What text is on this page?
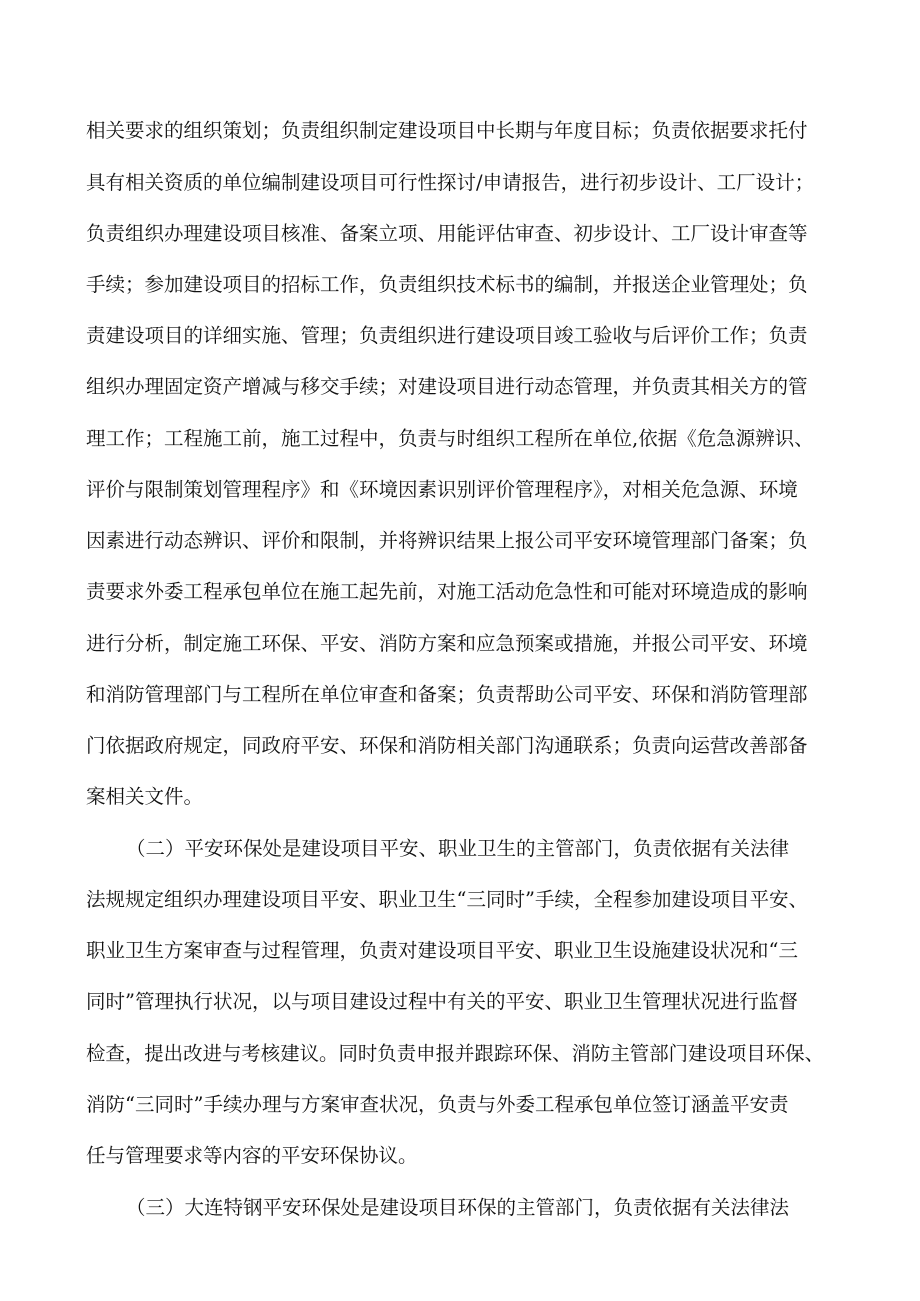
相关要求的组织策划；负责组织制定建设项目中长期与年度目标；负责依据要求托付

具有相关资质的单位编制建设项目可行性探讨/申请报告，进行初步设计、工厂设计；

负责组织办理建设项目核准、备案立项、用能评估审查、初步设计、工厂设计审查等

手续；参加建设项目的招标工作，负责组织技术标书的编制，并报送企业管理处；负

责建设项目的详细实施、管理；负责组织进行建设项目竣工验收与后评价工作；负责

组织办理固定资产增减与移交手续；对建设项目进行动态管理，并负责其相关方的管

理工作；工程施工前，施工过程中，负责与时组织工程所在单位,依据《危急源辨识、

评价与限制策划管理程序》和《环境因素识别评价管理程序》，对相关危急源、环境

因素进行动态辨识、评价和限制，并将辨识结果上报公司平安环境管理部门备案；负

责要求外委工程承包单位在施工起先前，对施工活动危急性和可能对环境造成的影响

进行分析，制定施工环保、平安、消防方案和应急预案或措施，并报公司平安、环境

和消防管理部门与工程所在单位审查和备案；负责帮助公司平安、环保和消防管理部

门依据政府规定，同政府平安、环保和消防相关部门沟通联系；负责向运营改善部备

案相关文件。

（二）平安环保处是建设项目平安、职业卫生的主管部门，负责依据有关法律

法规规定组织办理建设项目平安、职业卫生“三同时”手续，全程参加建设项目平安、

职业卫生方案审查与过程管理，负责对建设项目平安、职业卫生设施建设状况和“三

同时”管理执行状况，以与项目建设过程中有关的平安、职业卫生管理状况进行监督

检查，提出改进与考核建议。同时负责申报并跟踪环保、消防主管部门建设项目环保、

消防“三同时”手续办理与方案审查状况，负责与外委工程承包单位签订涵盖平安责

任与管理要求等内容的平安环保协议。

（三）大连特钢平安环保处是建设项目环保的主管部门，负责依据有关法律法
